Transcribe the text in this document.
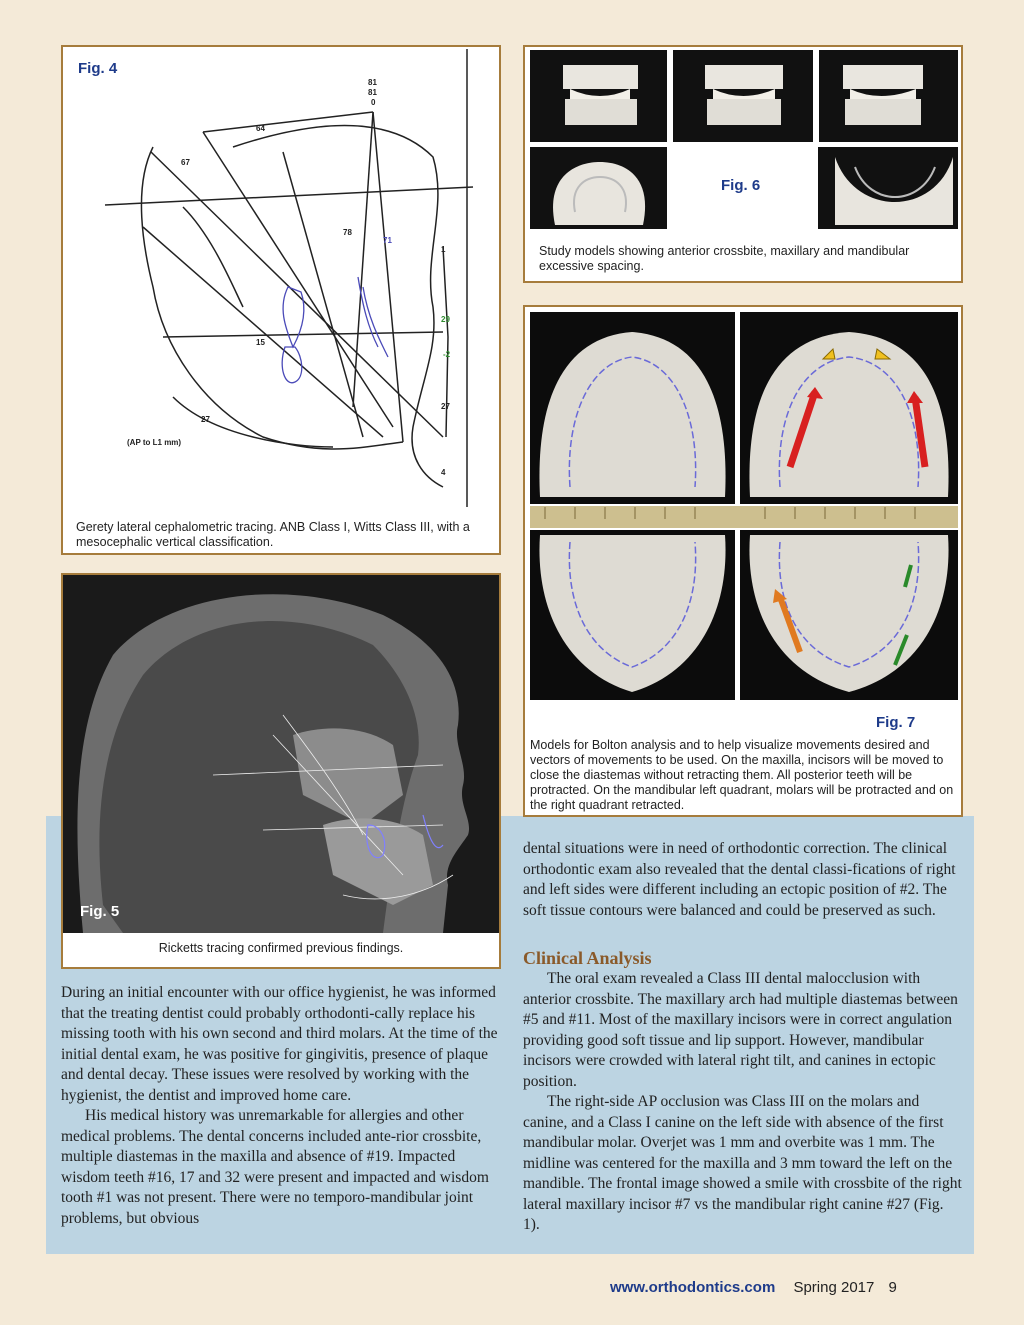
Fig. 4
81
81
0
64
67
78
71
1
29
15
-2
27
27
4
(AP to L1 mm)
Gerety lateral cephalometric tracing. ANB Class I, Witts Class III, with a mesocephalic vertical classification.
Fig. 6
Study models showing anterior crossbite, maxillary and mandibular excessive spacing.
Fig. 7
Models for Bolton analysis and to help visualize movements desired and vectors of movements to be used. On the maxilla, incisors will be moved to close the diastemas without retracting them. All posterior teeth will be protracted. On the mandibular left quadrant, molars will be protracted and on the right quadrant retracted.
Fig. 5
Ricketts tracing confirmed previous findings.

During an initial encounter with our office hygienist, he was informed that the treating dentist could probably orthodonti-cally replace his missing tooth with his own second and third molars. At the time of the initial dental exam, he was positive for gingivitis, presence of plaque and dental decay. These issues were resolved by working with the hygienist, the dentist and improved home care.

His medical history was unremarkable for allergies and other medical problems. The dental concerns included ante-rior crossbite, multiple diastemas in the maxilla and absence of #19. Impacted wisdom teeth #16, 17 and 32 were present and impacted and wisdom tooth #1 was not present. There were no temporo-mandibular joint problems, but obvious

dental situations were in need of orthodontic correction. The clinical orthodontic exam also revealed that the dental classi-fications of right and left sides were different including an ectopic position of #2. The soft tissue contours were balanced and could be preserved as such.

Clinical Analysis

The oral exam revealed a Class III dental malocclusion with anterior crossbite. The maxillary arch had multiple diastemas between #5 and #11. Most of the maxillary incisors were in correct angulation providing good soft tissue and lip support. However, mandibular incisors were crowded with lateral right tilt, and canines in ectopic position.

The right-side AP occlusion was Class III on the molars and canine, and a Class I canine on the left side with absence of the first mandibular molar. Overjet was 1 mm and overbite was 1 mm. The midline was centered for the maxilla and 3 mm toward the left on the mandible. The frontal image showed a smile with crossbite of the right lateral maxillary incisor #7 vs the mandibular right canine #27 (Fig. 1).

www.orthodontics.com Spring 2017 9
